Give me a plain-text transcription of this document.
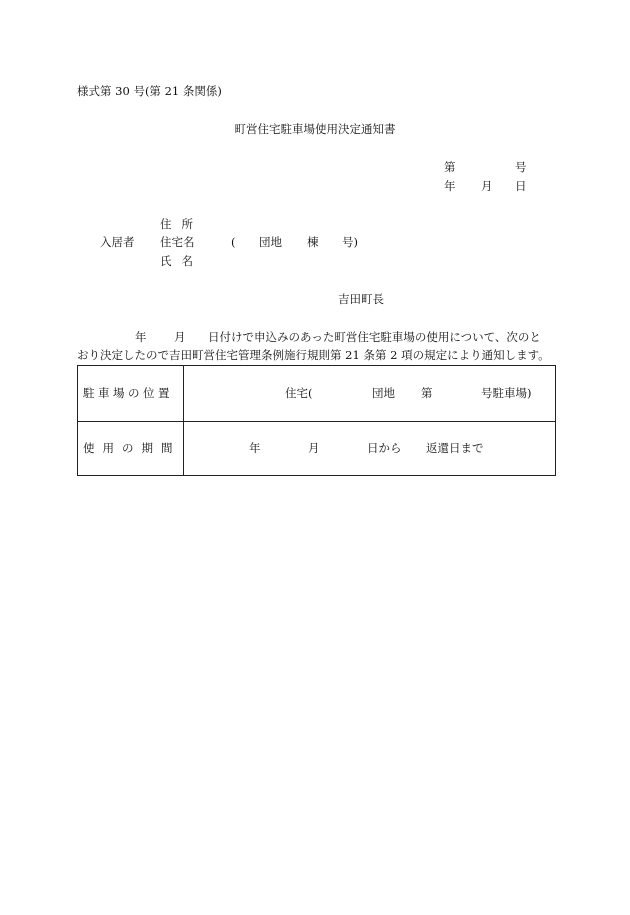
様式第 30 号(第 21 条関係)
町営住宅駐車場使用決定通知書
第	号
年 月 日
入居者
住所
住宅名	( 団地 棟 号)
氏名
吉田町長
年 月 日付けで申込みのあった町営住宅駐車場の使用について、次のと
おり決定したので吉田町営住宅管理条例施行規則第 21 条第 2 項の規定により通知します。
駐車場の位置	住宅(	団地 第	号駐車場)
使用の期間	年	月	日から 返還日まで
